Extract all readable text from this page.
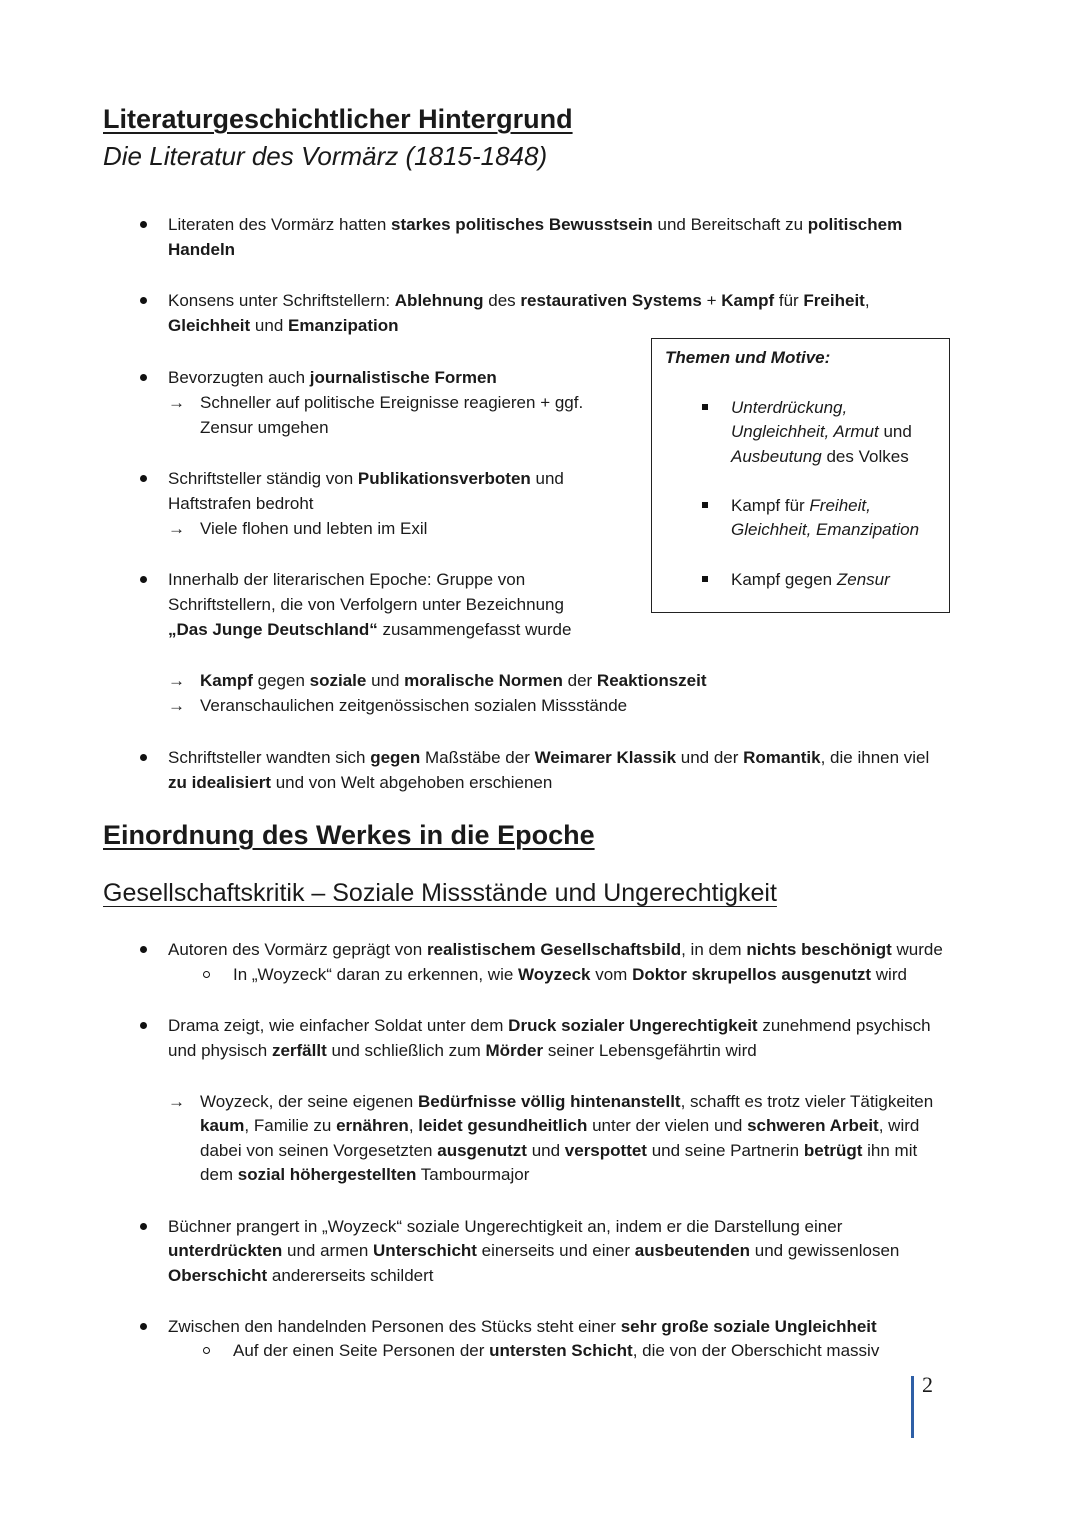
Literaturgeschichtlicher Hintergrund
Die Literatur des Vormärz (1815-1848)
Literaten des Vormärz hatten starkes politisches Bewusstsein und Bereitschaft zu politischem
Handeln
Konsens unter Schriftstellern: Ablehnung des restaurativen Systems + Kampf für Freiheit,
Gleichheit und Emanzipation
Bevorzugten auch journalistische Formen
→ Schneller auf politische Ereignisse reagieren + ggf.
Zensur umgehen
Schriftsteller ständig von Publikationsverboten und
Haftstrafen bedroht
→ Viele flohen und lebten im Exil
Innerhalb der literarischen Epoche: Gruppe von
Schriftstellern, die von Verfolgern unter Bezeichnung
„Das Junge Deutschland“ zusammengefasst wurde
→ Kampf gegen soziale und moralische Normen der Reaktionszeit
→ Veranschaulichen zeitgenössischen sozialen Missstände
Schriftsteller wandten sich gegen Maßstäbe der Weimarer Klassik und der Romantik, die ihnen viel
zu idealisiert und von Welt abgehoben erschienen
Themen und Motive:
Unterdrückung,
Ungleichheit, Armut und
Ausbeutung des Volkes
Kampf für Freiheit,
Gleichheit, Emanzipation
Kampf gegen Zensur
Einordnung des Werkes in die Epoche
Gesellschaftskritik – Soziale Missstände und Ungerechtigkeit
Autoren des Vormärz geprägt von realistischem Gesellschaftsbild, in dem nichts beschönigt wurde
In „Woyzeck“ daran zu erkennen, wie Woyzeck vom Doktor skrupellos ausgenutzt wird
Drama zeigt, wie einfacher Soldat unter dem Druck sozialer Ungerechtigkeit zunehmend psychisch
und physisch zerfällt und schließlich zum Mörder seiner Lebensgefährtin wird
→ Woyzeck, der seine eigenen Bedürfnisse völlig hintenanstellt, schafft es trotz vieler Tätigkeiten
kaum, Familie zu ernähren, leidet gesundheitlich unter der vielen und schweren Arbeit, wird
dabei von seinen Vorgesetzten ausgenutzt und verspottet und seine Partnerin betrügt ihn mit
dem sozial höhergestellten Tambourmajor
Büchner prangert in „Woyzeck“ soziale Ungerechtigkeit an, indem er die Darstellung einer
unterdrückten und armen Unterschicht einerseits und einer ausbeutenden und gewissenlosen
Oberschicht andererseits schildert
Zwischen den handelnden Personen des Stücks steht einer sehr große soziale Ungleichheit
Auf der einen Seite Personen der untersten Schicht, die von der Oberschicht massiv
2
